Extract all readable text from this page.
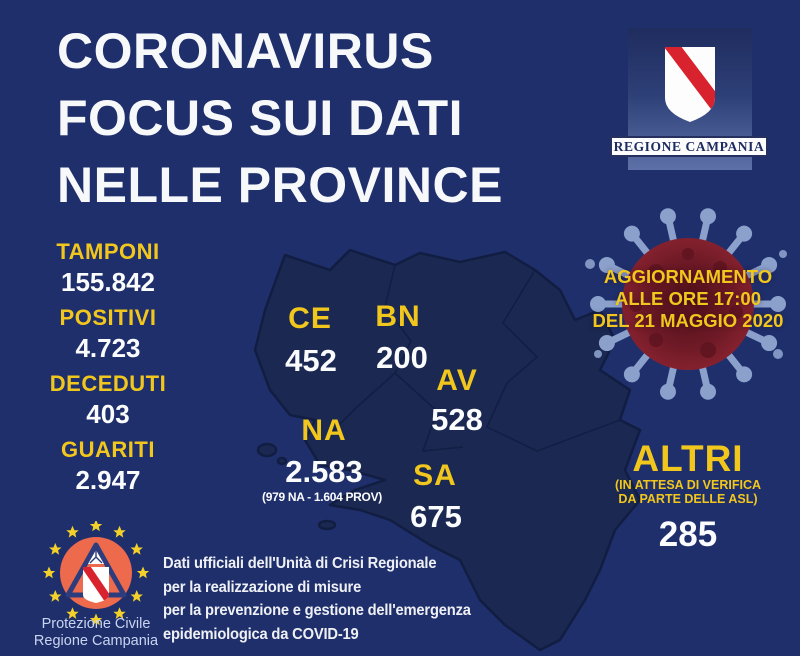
CORONAVIRUS
FOCUS SUI DATI
NELLE PROVINCE
TAMPONI
155.842
POSITIVI
4.723
DECEDUTI
403
GUARITI
2.947
CE
452
BN
200
AV
528
NA
2.583
(979 NA - 1.604 PROV)
SA
675
REGIONE CAMPANIA
AGGIORNAMENTO
ALLE ORE 17:00
DEL 21 MAGGIO 2020
ALTRI
(IN ATTESA DI VERIFICA
DA PARTE DELLE ASL)
285
Protezione Civile
Regione Campania
Dati ufficiali dell'Unità di Crisi Regionale
per la realizzazione di misure
per la prevenzione e gestione dell'emergenza
epidemiologica da COVID-19
